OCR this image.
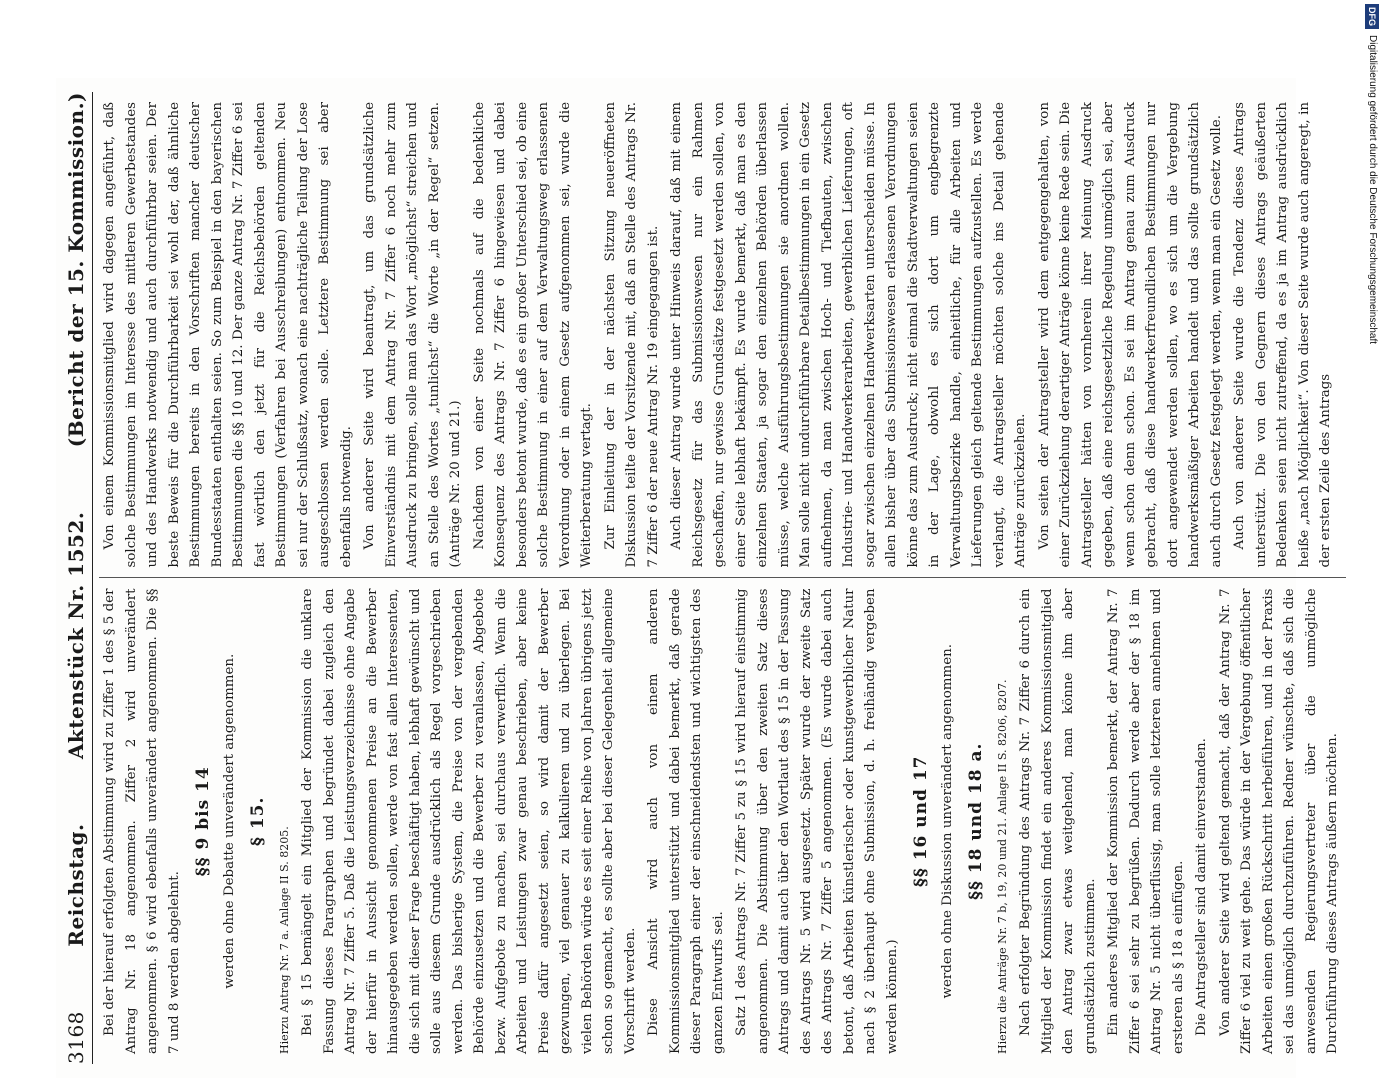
3168
Reichstag.
Aktenstück Nr. 1552.
(Bericht der 15. Kommission.)

Bei der hierauf erfolgten Abstimmung wird zu Ziffer 1 des § 5 der Antrag Nr. 18 angenommen. Ziffer 2 wird unverändert angenommen. § 6 wird ebenfalls unverändert angenommen. Die §§ 7 und 8 werden abgelehnt.

§§ 9 bis 14 werden ohne Debatte unverändert angenommen. § 15.

Hierzu Antrag Nr. 7 a. Anlage II S. 8205. Bei § 15 bemängelt ein Mitglied der Kommission die unklare Fassung dieses Paragraphen und begründet dabei zugleich den Antrag Nr. 7 Ziffer 5. Daß die Leistungsverzeichnisse ohne Angabe der hierfür in Aussicht genommenen Preise an die Bewerber hinausgegeben werden sollen, werde von fast allen Interessenten, die sich mit dieser Frage beschäftigt haben, lebhaft gewünscht und solle aus diesem Grunde ausdrücklich als Regel vorgeschrieben werden. Das bisherige System, die Preise von der vergebenden Behörde einzusetzen und die Bewerber zu veranlassen, Abgebote bezw. Aufgebote zu machen, sei durchaus verwerflich. Wenn die Arbeiten und Leistungen zwar genau beschrieben, aber keine Preise dafür angesetzt seien, so wird damit der Bewerber gezwungen, viel genauer zu kalkulieren und zu überlegen. Bei vielen Behörden würde es seit einer Reihe von Jahren übrigens jetzt schon so gemacht, es sollte aber bei dieser Gelegenheit allgemeine Vorschrift werden. Diese Ansicht wird auch von einem anderen Kommissionsmitglied unterstützt und dabei bemerkt, daß gerade dieser Paragraph einer der einschneidendsten und wichtigsten des ganzen Entwurfs sei. Satz 1 des Antrags Nr. 7 Ziffer 5 zu § 15 wird hierauf einstimmig angenommen. Die Abstimmung über den zweiten Satz dieses Antrags und damit auch über den Wortlaut des § 15 in der Fassung des Antrags Nr. 5 wird ausgesetzt. Später wurde der zweite Satz des Antrags Nr. 7 Ziffer 5 angenommen. (Es wurde dabei auch betont, daß Arbeiten künstlerischer oder kunstgewerblicher Natur nach § 2 überhaupt ohne Submission, d. h. freihändig vergeben werden können.)

§§ 16 und 17 werden ohne Diskussion unverändert angenommen. §§ 18 und 18 a. Hierzu die Anträge Nr. 7 b, 19, 20 und 21. Anlage II S. 8206, 8207. Nach erfolgter Begründung des Antrags Nr. 7 Ziffer 6 durch ein Mitglied der Kommission findet ein anderes Kommissionsmitglied den Antrag zwar etwas weitgehend, man könne ihm aber grundsätzlich zustimmen. Ein anderes Mitglied der Kommission bemerkt, der Antrag Nr. 7 Ziffer 6 sei sehr zu begrüßen. Dadurch werde aber der § 18 im Antrag Nr. 5 nicht überflüssig, man solle letzteren annehmen und ersteren als § 18 a einfügen. Die Antragsteller sind damit einverstanden. Von anderer Seite wird geltend gemacht, daß der Antrag Nr. 7 Ziffer 6 viel zu weit gehe. Das würde in der Vergebung öffentlicher Arbeiten einen großen Rückschritt herbeiführen, und in der Praxis sei das unmöglich durchzuführen. Redner wünschte, daß sich die anwesenden Regierungsvertreter über die unmögliche Durchführung dieses Antrags äußern möchten.

Von einem Kommissionsmitglied wird dagegen angeführt, daß solche Bestimmungen im Interesse des mittleren Gewerbestandes und des Handwerks notwendig und auch durchführbar seien. Der beste Beweis für die Durchführbarkeit sei wohl der, daß ähnliche Bestimmungen bereits in den Vorschriften mancher deutscher Bundesstaaten enthalten seien. So zum Beispiel in den bayerischen Bestimmungen die §§ 10 und 12. Der ganze Antrag Nr. 7 Ziffer 6 sei fast wörtlich den jetzt für die Reichsbehörden geltenden Bestimmungen (Verfahren bei Ausschreibungen) entnommen. Neu sei nur der Schlußsatz, wonach eine nachträgliche Teilung der Lose ausgeschlossen werden solle. Letztere Bestimmung sei aber ebenfalls notwendig. Von anderer Seite wird beantragt, um das grundsätzliche Einverständnis mit dem Antrag Nr. 7 Ziffer 6 noch mehr zum Ausdruck zu bringen, solle man das Wort „möglichst“ streichen und an Stelle des Wortes „tunlichst“ die Worte „in der Regel“ setzen. (Anträge Nr. 20 und 21.) Nachdem von einer Seite nochmals auf die bedenkliche Konsequenz des Antrags Nr. 7 Ziffer 6 hingewiesen und dabei besonders betont wurde, daß es ein großer Unterschied sei, ob eine solche Bestimmung in einer auf dem Verwaltungsweg erlassenen Verordnung oder in einem Gesetz aufgenommen sei, wurde die Weiterberatung vertagt. Zur Einleitung der in der nächsten Sitzung neueröffneten Diskussion teilte der Vorsitzende mit, daß an Stelle des Antrags Nr. 7 Ziffer 6 der neue Antrag Nr. 19 eingegangen ist. Auch dieser Antrag wurde unter Hinweis darauf, daß mit einem Reichsgesetz für das Submissionswesen nur ein Rahmen geschaffen, nur gewisse Grundsätze festgesetzt werden sollen, von einer Seite lebhaft bekämpft. Es wurde bemerkt, daß man es den einzelnen Staaten, ja sogar den einzelnen Behörden überlassen müsse, welche Ausführungsbestimmungen sie anordnen wollen. Man solle nicht undurchführbare Detailbestimmungen in ein Gesetz aufnehmen, da man zwischen Hoch- und Tiefbauten, zwischen Industrie- und Handwerkerarbeiten, gewerblichen Lieferungen, oft sogar zwischen einzelnen Handwerksarten unterscheiden müsse. In allen bisher über das Submissionswesen erlassenen Verordnungen könne das zum Ausdruck; nicht einmal die Stadtverwaltungen seien in der Lage, obwohl es sich dort um engbegrenzte Verwaltungsbezirke handle, einheitliche, für alle Arbeiten und Lieferungen gleich geltende Bestimmungen aufzustellen. Es werde verlangt, die Antragsteller möchten solche ins Detail gehende Anträge zurückziehen. Von seiten der Antragsteller wird dem entgegengehalten, von einer Zurückziehung derartiger Anträge könne keine Rede sein. Die Antragsteller hätten von vornherein ihrer Meinung Ausdruck gegeben, daß eine reichsgesetzliche Regelung unmöglich sei, aber wenn schon denn schon. Es sei im Antrag genau zum Ausdruck gebracht, daß diese handwerkerfreundlichen Bestimmungen nur dort angewendet werden sollen, wo es sich um die Vergebung handwerksmäßiger Arbeiten handelt und das sollte grundsätzlich auch durch Gesetz festgelegt werden, wenn man ein Gesetz wolle. Auch von anderer Seite wurde die Tendenz dieses Antrags unterstützt. Die von den Gegnern dieses Antrags geäußerten Bedenken seien nicht zutreffend, da es ja im Antrag ausdrücklich heiße „nach Möglichkeit“. Von dieser Seite wurde auch angeregt, in der ersten Zeile des Antrags

DFG
Digitalisierung gefördert durch die Deutsche Forschungsgemeinschaft
